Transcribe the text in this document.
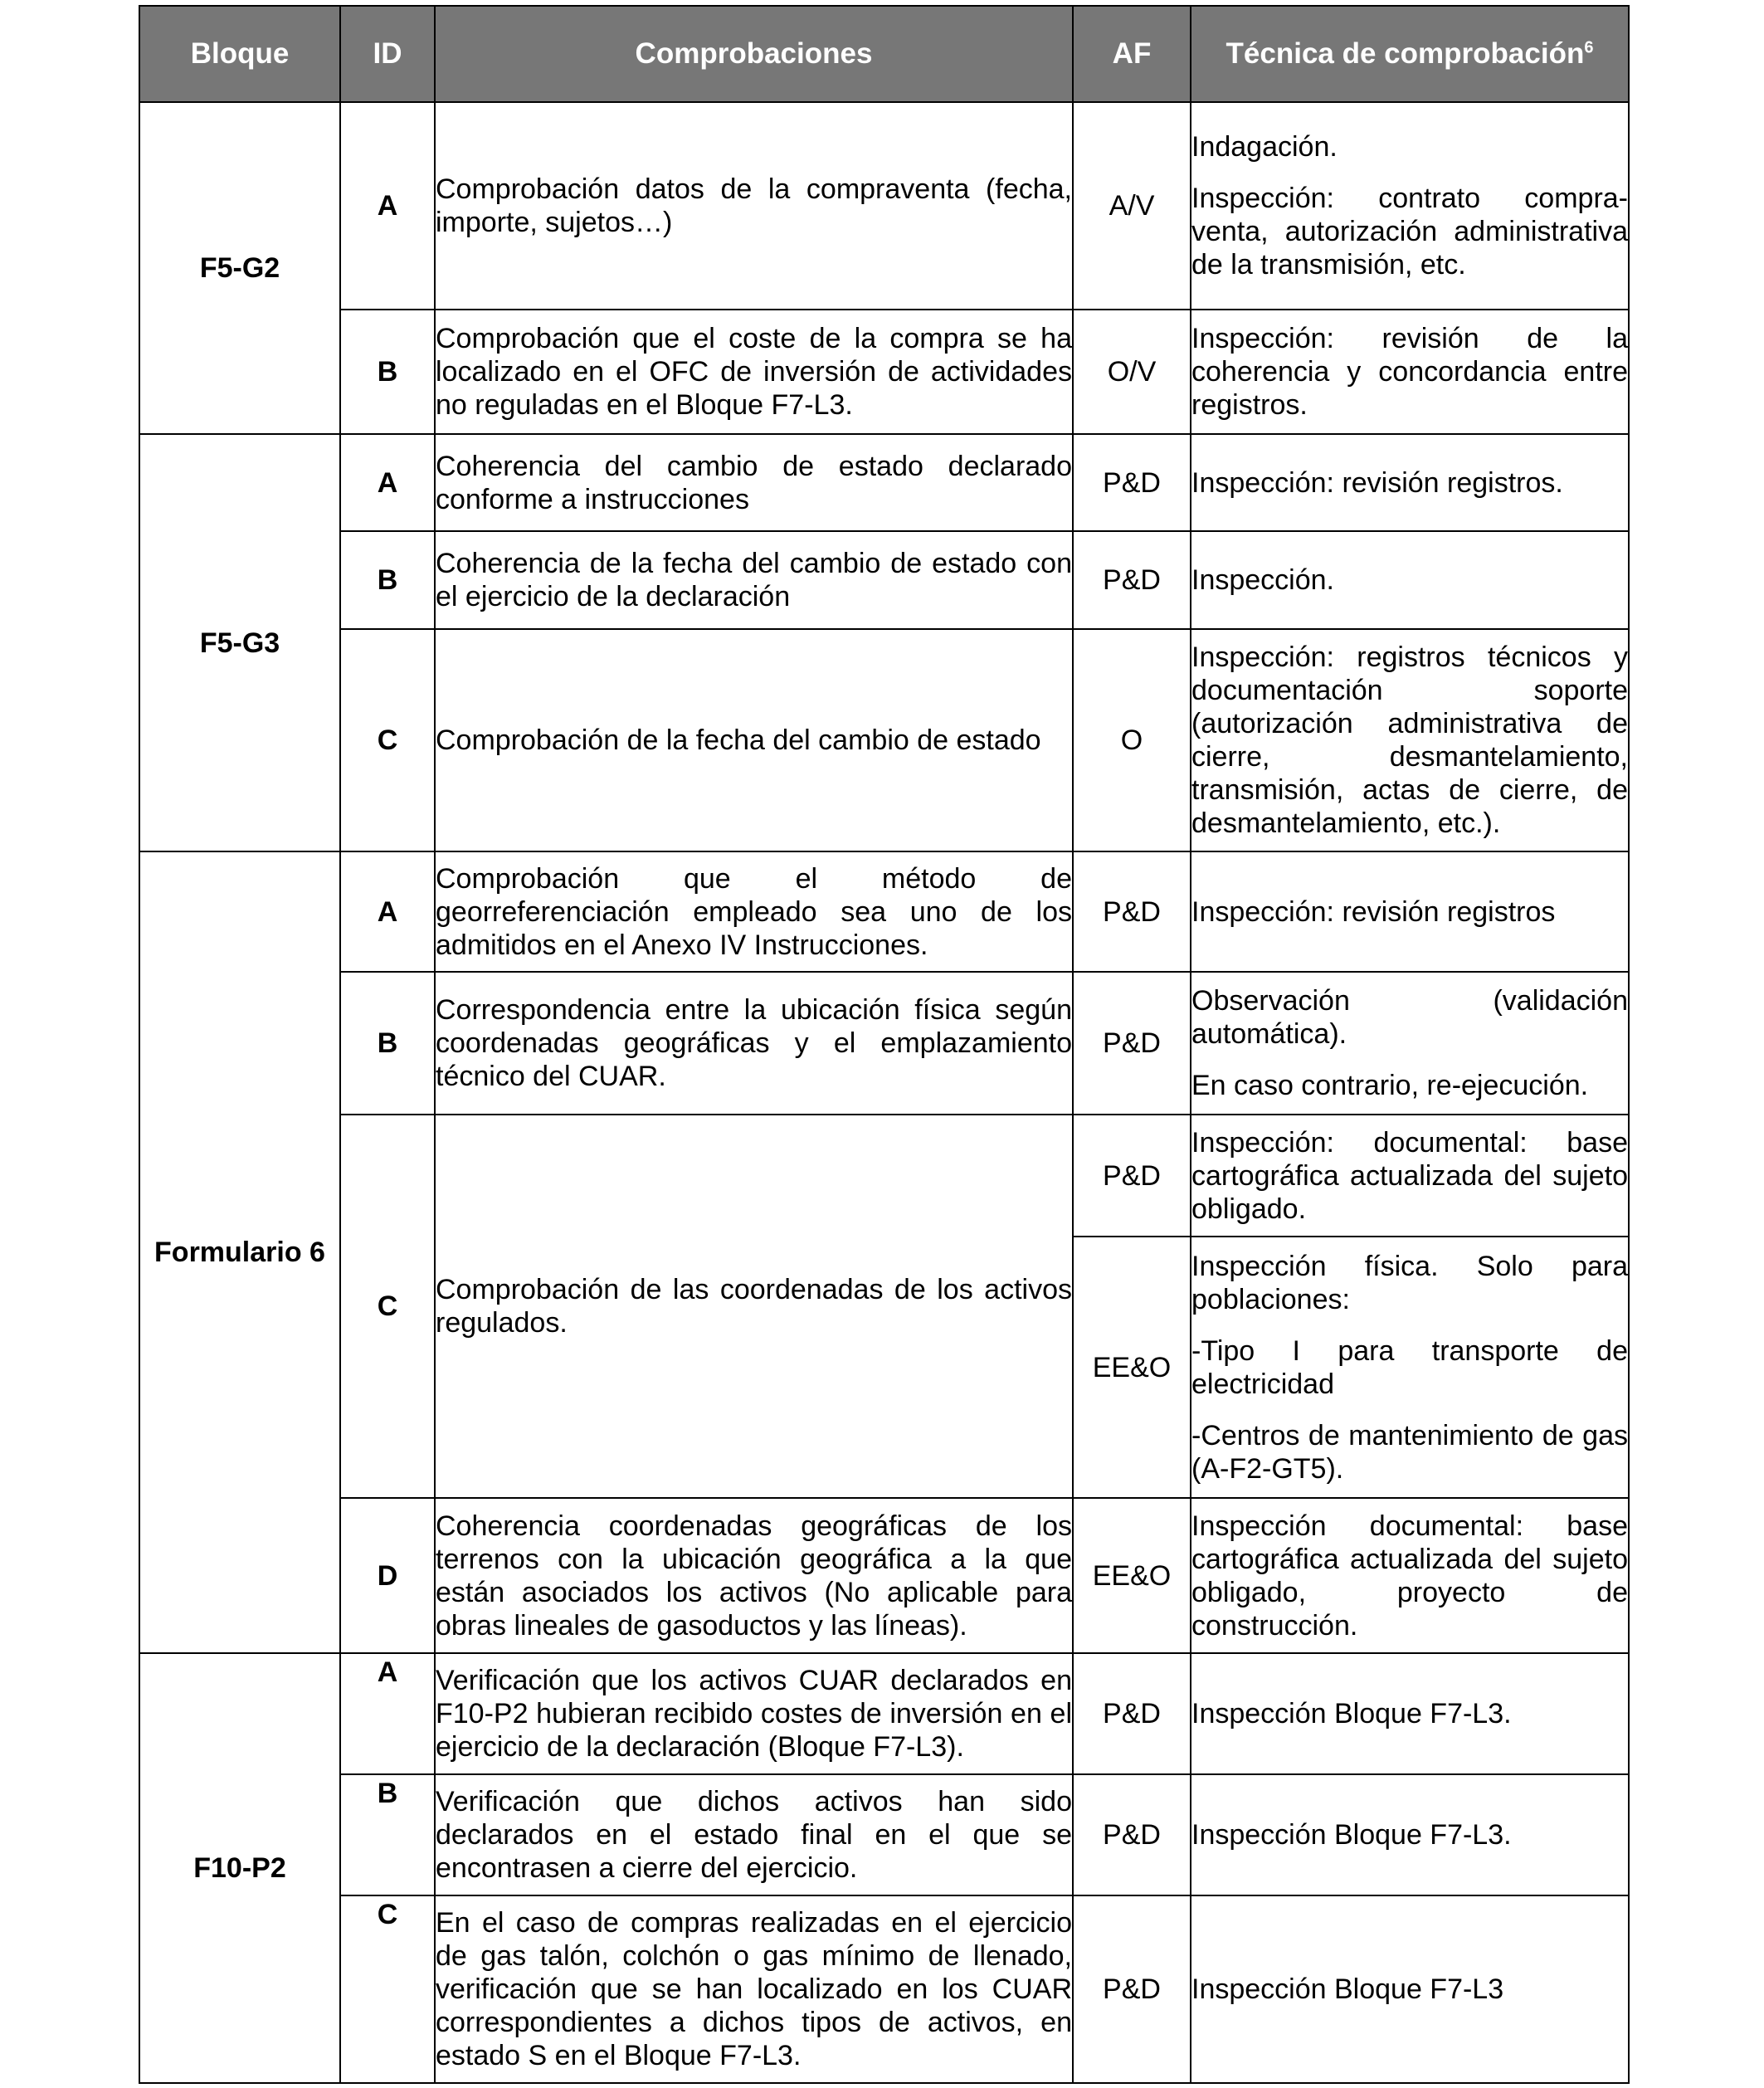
Bloque	ID	Comprobaciones	AF	Técnica de comprobación$^6$
F5-G2	A	Comprobación datos de la compraventa (fecha, importe, sujetos…)	A/V	Indagación.

Inspección: contrato compra-venta, autorización administrativa de la transmisión, etc.

	B	Comprobación que el coste de la compra se ha localizado en el OFC de inversión de actividades no reguladas en el Bloque F7-L3.	O/V	Inspección: revisión de la coherencia y concordancia entre registros.
F5-G3	A	Coherencia del cambio de estado declarado conforme a instrucciones	P&D	Inspección: revisión registros.
	B	Coherencia de la fecha del cambio de estado con el ejercicio de la declaración	P&D	Inspección.
	C	Comprobación de la fecha del cambio de estado	O	Inspección: registros técnicos y documentación soporte (autorización administrativa de cierre, desmantelamiento, transmisión, actas de cierre, de desmantelamiento, etc.).
Formulario 6	A	Comprobación que el método de georreferenciación empleado sea uno de los admitidos en el Anexo IV Instrucciones.	P&D	Inspección: revisión registros
	B	Correspondencia entre la ubicación física según coordenadas geográficas y el emplazamiento técnico del CUAR.	P&D	Observación (validación automática).

En caso contrario, re-ejecución.

	C	Comprobación de las coordenadas de los activos regulados.	P&D	Inspección: documental: base cartográfica actualizada del sujeto obligado.
			EE&O	Inspección física. Solo para poblaciones:

-Tipo I para transporte de electricidad

-Centros de mantenimiento de gas (A-F2-GT5).

	D	Coherencia coordenadas geográficas de los terrenos con la ubicación geográfica a la que están asociados los activos (No aplicable para obras lineales de gasoductos y las líneas).	EE&O	Inspección documental: base cartográfica actualizada del sujeto obligado, proyecto de construcción.
F10-P2	A	Verificación que los activos CUAR declarados en F10-P2 hubieran recibido costes de inversión en el ejercicio de la declaración (Bloque F7-L3).	P&D	Inspección Bloque F7-L3.
	B	Verificación que dichos activos han sido declarados en el estado final en el que se encontrasen a cierre del ejercicio.	P&D	Inspección Bloque F7-L3.
	C	En el caso de compras realizadas en el ejercicio de gas talón, colchón o gas mínimo de llenado, verificación que se han localizado en los CUAR correspondientes a dichos tipos de activos, en estado S en el Bloque F7-L3.	P&D	Inspección Bloque F7-L3
